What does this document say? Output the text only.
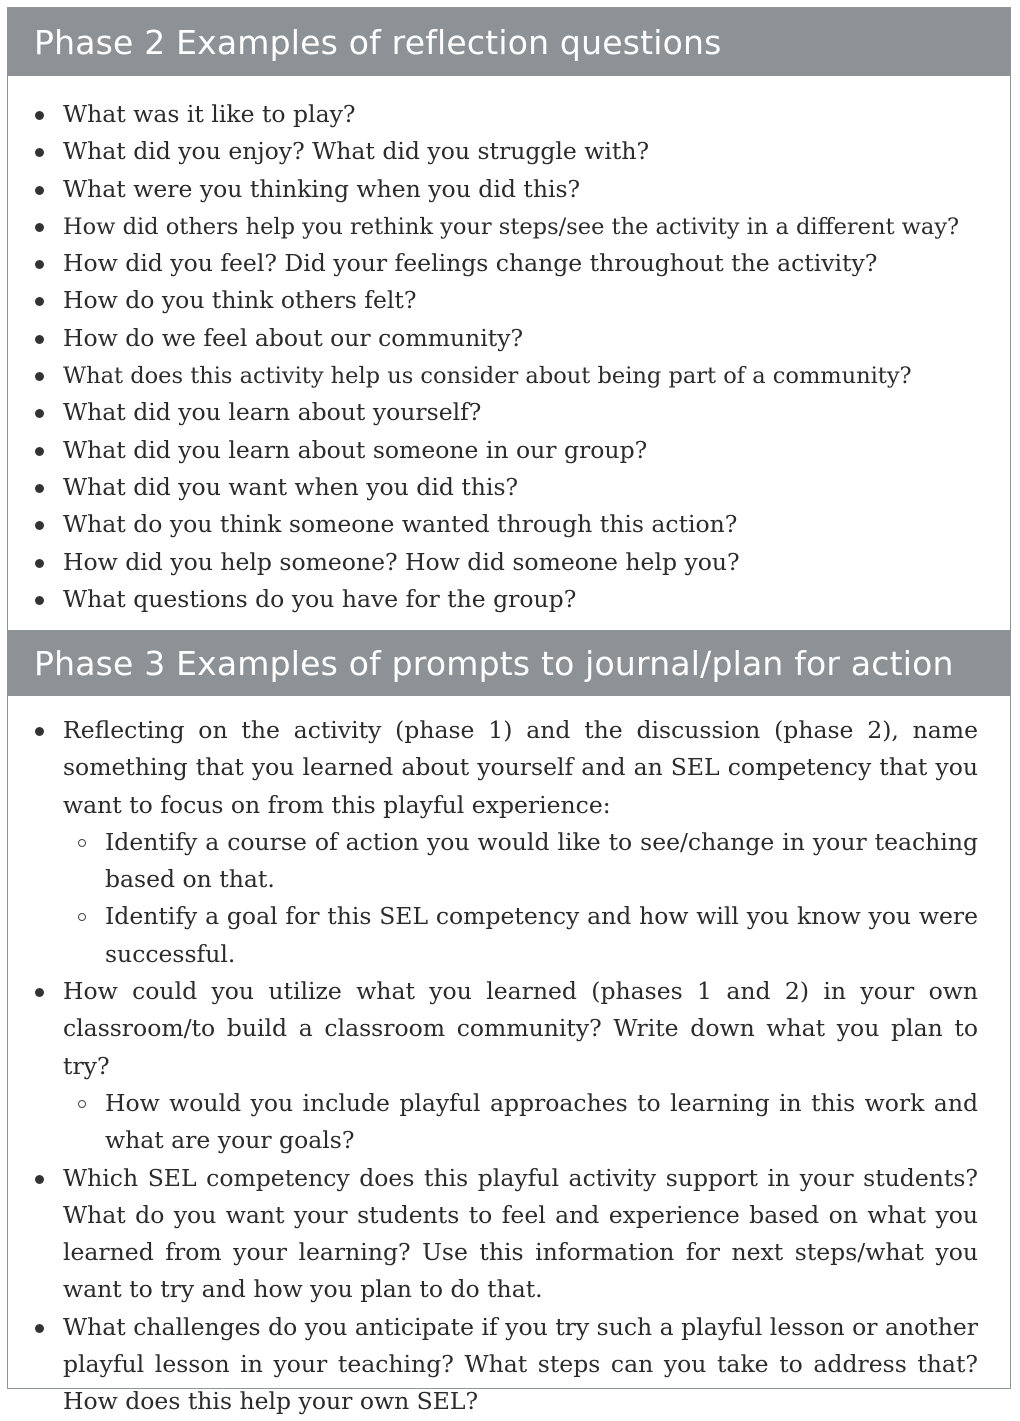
Phase 2 Examples of reflection questions
What was it like to play?
What did you enjoy? What did you struggle with?
What were you thinking when you did this?
How did others help you rethink your steps/see the activity in a different way?
How did you feel? Did your feelings change throughout the activity?
How do you think others felt?
How do we feel about our community?
What does this activity help us consider about being part of a community?
What did you learn about yourself?
What did you learn about someone in our group?
What did you want when you did this?
What do you think someone wanted through this action?
How did you help someone? How did someone help you?
What questions do you have for the group?
Phase 3 Examples of prompts to journal/plan for action
Reflecting on the activity (phase 1) and the discussion (phase 2), name something that you learned about yourself and an SEL competency that you want to focus on from this playful experience:
Identify a course of action you would like to see/change in your teaching based on that.
Identify a goal for this SEL competency and how will you know you were successful.
How could you utilize what you learned (phases 1 and 2) in your own classroom/to build a classroom community? Write down what you plan to try?
How would you include playful approaches to learning in this work and what are your goals?
Which SEL competency does this playful activity support in your students? What do you want your students to feel and experience based on what you learned from your learning? Use this information for next steps/what you want to try and how you plan to do that.
What challenges do you anticipate if you try such a playful lesson or another playful lesson in your teaching? What steps can you take to address that? How does this help your own SEL?
